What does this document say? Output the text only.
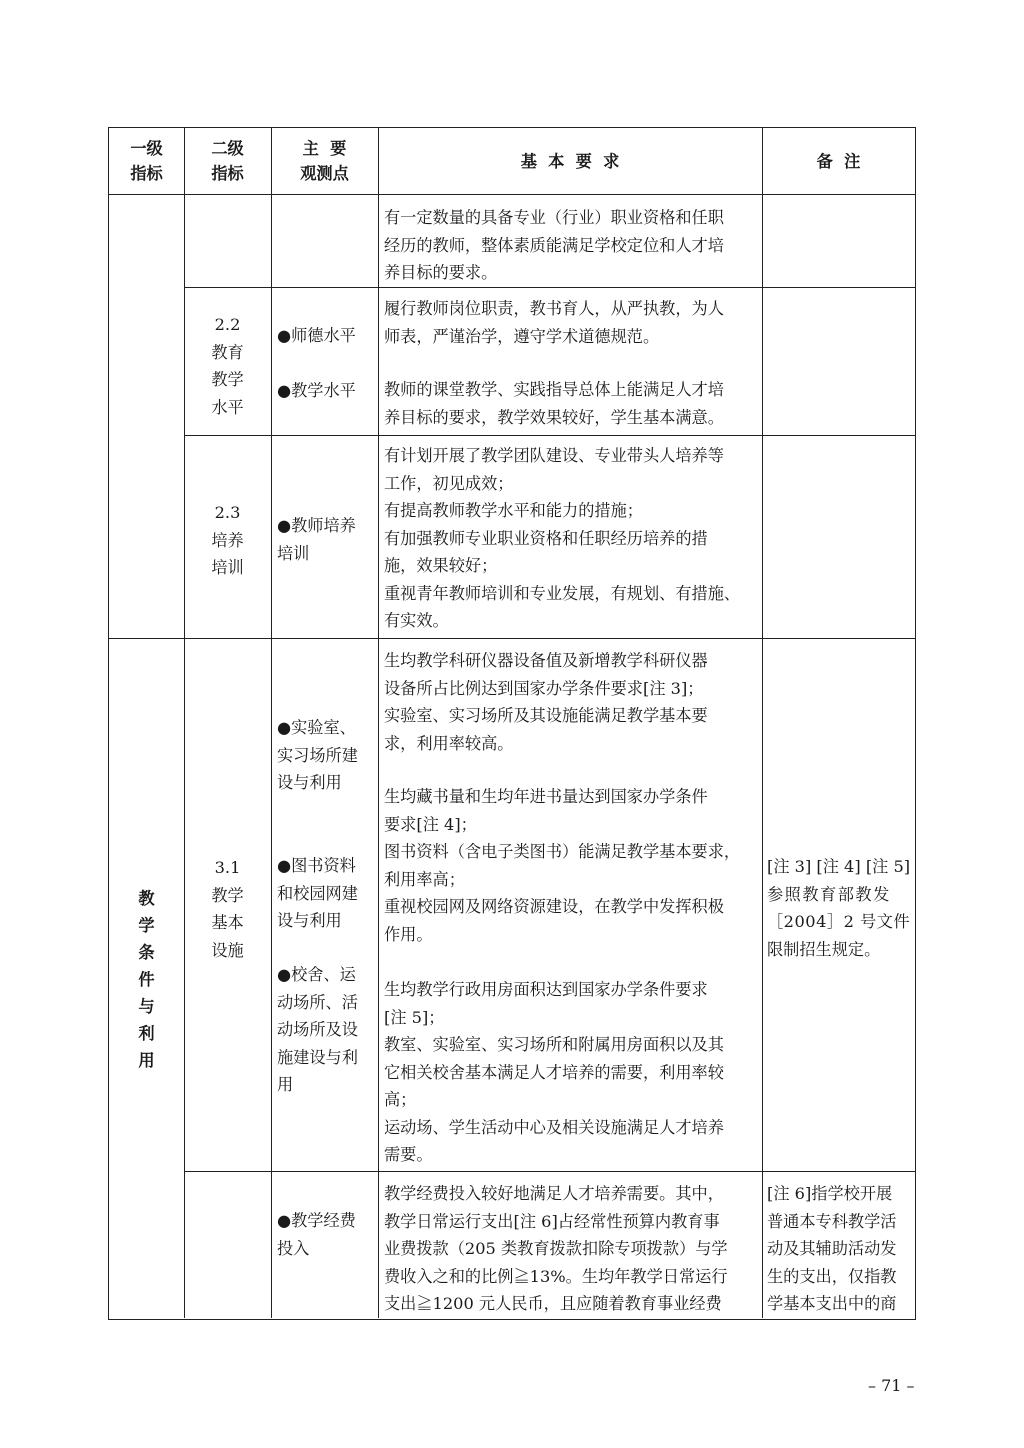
一级
指标
二级
指标
主  要
观测点
基  本  要  求	备  注
有一定数量的具备专业（行业）职业资格和任职
经历的教师，整体素质能满足学校定位和人才培
养目标的要求。
2.2
教育
教学
水平
●师德水平
●教学水平
履行教师岗位职责，教书育人，从严执教，为人
师表，严谨治学，遵守学术道德规范。
教师的课堂教学、实践指导总体上能满足人才培
养目标的要求，教学效果较好，学生基本满意。
2.3
培养
培训
●教师培养
培训
有计划开展了教学团队建设、专业带头人培养等
工作，初见成效；
有提高教师教学水平和能力的措施；
有加强教师专业职业资格和任职经历培养的措
施，效果较好；
重视青年教师培训和专业发展，有规划、有措施、
有实效。
教
学
条
件
与
利
用
3.1
教学
基本
设施
●实验室、
实习场所建
设与利用
●图书资料
和校园网建
设与利用
●校舍、运
动场所、活
动场所及设
施建设与利
用
生均教学科研仪器设备值及新增教学科研仪器
设备所占比例达到国家办学条件要求[注 3]；
实验室、实习场所及其设施能满足教学基本要
求，利用率较高。
生均藏书量和生均年进书量达到国家办学条件
要求[注 4]；
图书资料（含电子类图书）能满足教学基本要求，
利用率高；
重视校园网及网络资源建设，在教学中发挥积极
作用。
生均教学行政用房面积达到国家办学条件要求
[注 5]；
教室、实验室、实习场所和附属用房面积以及其
它相关校舍基本满足人才培养的需要，利用率较
高；
运动场、学生活动中心及相关设施满足人才培养
需要。
[注 3] [注 4] [注 5]
参照教育部教发
［2004］2 号文件
限制招生规定。
●教学经费
投入
教学经费投入较好地满足人才培养需要。其中，
教学日常运行支出[注 6]占经常性预算内教育事
业费拨款（205 类教育拨款扣除专项拨款）与学
费收入之和的比例≧13%。生均年教学日常运行
支出≧1200 元人民币，且应随着教育事业经费
[注 6]指学校开展
普通本专科教学活
动及其辅助活动发
生的支出，仅指教
学基本支出中的商
– 71 –
